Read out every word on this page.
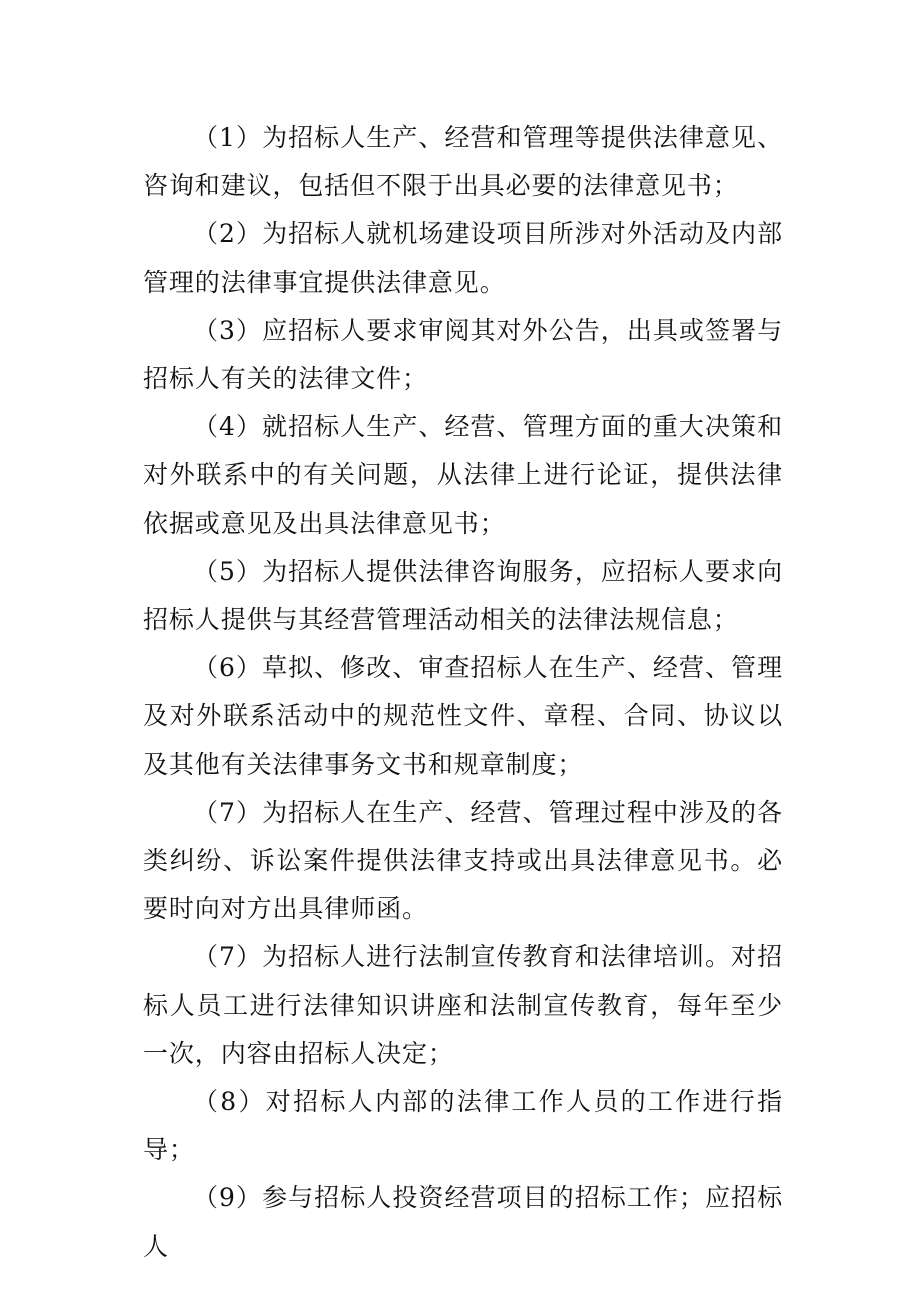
（1）为招标人生产、经营和管理等提供法律意见、咨询和建议，包括但不限于出具必要的法律意见书；

（2）为招标人就机场建设项目所涉对外活动及内部管理的法律事宜提供法律意见。

（3）应招标人要求审阅其对外公告，出具或签署与招标人有关的法律文件；

（4）就招标人生产、经营、管理方面的重大决策和对外联系中的有关问题，从法律上进行论证，提供法律依据或意见及出具法律意见书；

（5）为招标人提供法律咨询服务，应招标人要求向招标人提供与其经营管理活动相关的法律法规信息；

（6）草拟、修改、审查招标人在生产、经营、管理及对外联系活动中的规范性文件、章程、合同、协议以及其他有关法律事务文书和规章制度；

（7）为招标人在生产、经营、管理过程中涉及的各类纠纷、诉讼案件提供法律支持或出具法律意见书。必要时向对方出具律师函。

（7）为招标人进行法制宣传教育和法律培训。对招标人员工进行法律知识讲座和法制宣传教育，每年至少一次，内容由招标人决定；

（8）对招标人内部的法律工作人员的工作进行指导；

（9）参与招标人投资经营项目的招标工作；应招标人
